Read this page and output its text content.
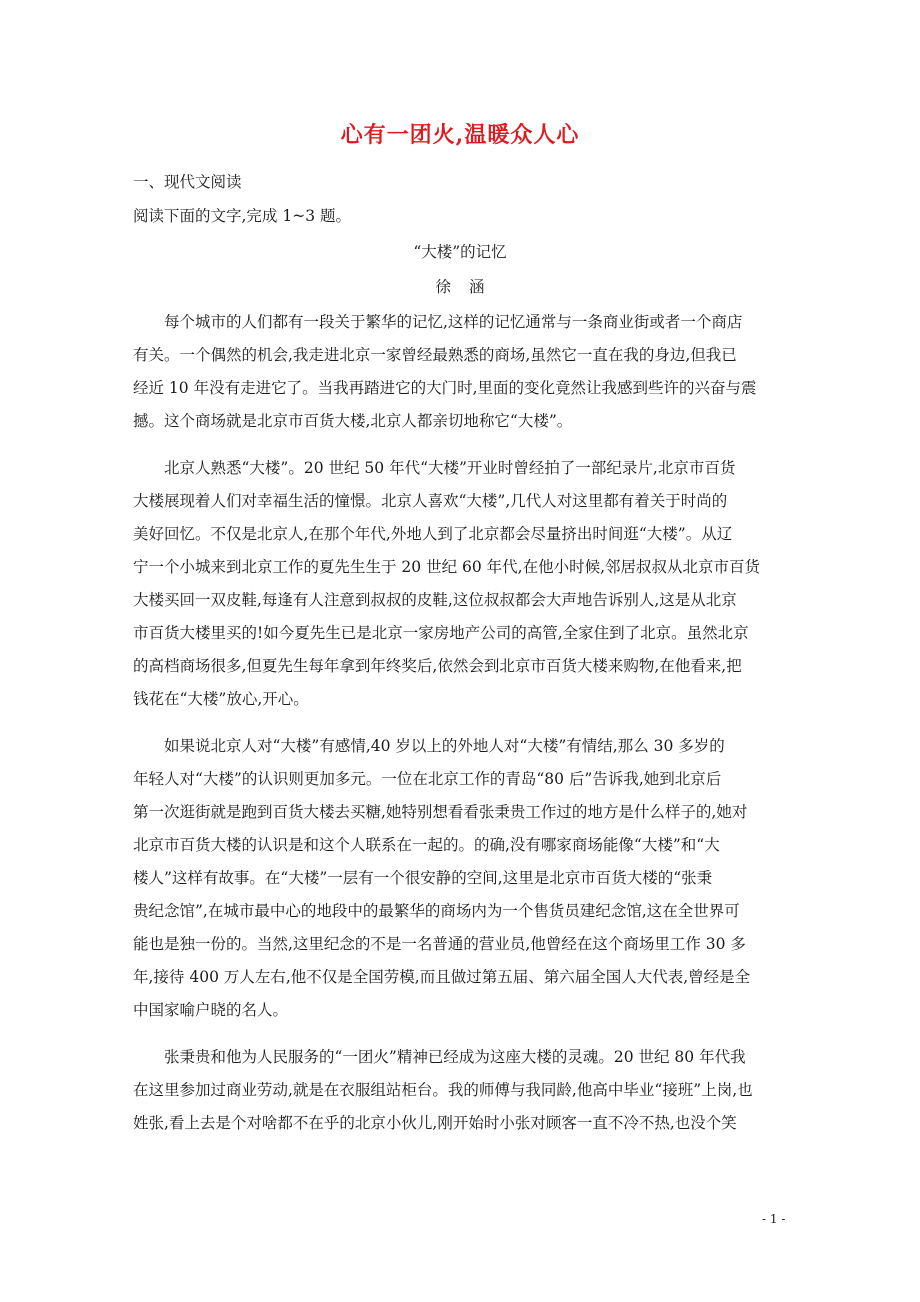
心有一团火,温暖众人心
一、现代文阅读
阅读下面的文字,完成 1~3 题。
“大楼”的记忆
徐涵
每个城市的人们都有一段关于繁华的记忆,这样的记忆通常与一条商业街或者一个商店
有关。一个偶然的机会,我走进北京一家曾经最熟悉的商场,虽然它一直在我的身边,但我已
经近 10 年没有走进它了。当我再踏进它的大门时,里面的变化竟然让我感到些许的兴奋与震
撼。这个商场就是北京市百货大楼,北京人都亲切地称它“大楼”。
北京人熟悉“大楼”。20 世纪 50 年代“大楼”开业时曾经拍了一部纪录片,北京市百货
大楼展现着人们对幸福生活的憧憬。北京人喜欢“大楼”,几代人对这里都有着关于时尚的
美好回忆。不仅是北京人,在那个年代,外地人到了北京都会尽量挤出时间逛“大楼”。从辽
宁一个小城来到北京工作的夏先生生于 20 世纪 60 年代,在他小时候,邻居叔叔从北京市百货
大楼买回一双皮鞋,每逢有人注意到叔叔的皮鞋,这位叔叔都会大声地告诉别人,这是从北京
市百货大楼里买的!如今夏先生已是北京一家房地产公司的高管,全家住到了北京。虽然北京
的高档商场很多,但夏先生每年拿到年终奖后,依然会到北京市百货大楼来购物,在他看来,把
钱花在“大楼”放心,开心。
如果说北京人对“大楼”有感情,40 岁以上的外地人对“大楼”有情结,那么 30 多岁的
年轻人对“大楼”的认识则更加多元。一位在北京工作的青岛“80 后”告诉我,她到北京后
第一次逛街就是跑到百货大楼去买糖,她特别想看看张秉贵工作过的地方是什么样子的,她对
北京市百货大楼的认识是和这个人联系在一起的。的确,没有哪家商场能像“大楼”和“大
楼人”这样有故事。在“大楼”一层有一个很安静的空间,这里是北京市百货大楼的“张秉
贵纪念馆”,在城市最中心的地段中的最繁华的商场内为一个售货员建纪念馆,这在全世界可
能也是独一份的。当然,这里纪念的不是一名普通的营业员,他曾经在这个商场里工作 30 多
年,接待 400 万人左右,他不仅是全国劳模,而且做过第五届、第六届全国人大代表,曾经是全
中国家喻户晓的名人。
张秉贵和他为人民服务的“一团火”精神已经成为这座大楼的灵魂。20 世纪 80 年代我
在这里参加过商业劳动,就是在衣服组站柜台。我的师傅与我同龄,他高中毕业“接班”上岗,也
姓张,看上去是个对啥都不在乎的北京小伙儿,刚开始时小张对顾客一直不冷不热,也没个笑
- 1 -
